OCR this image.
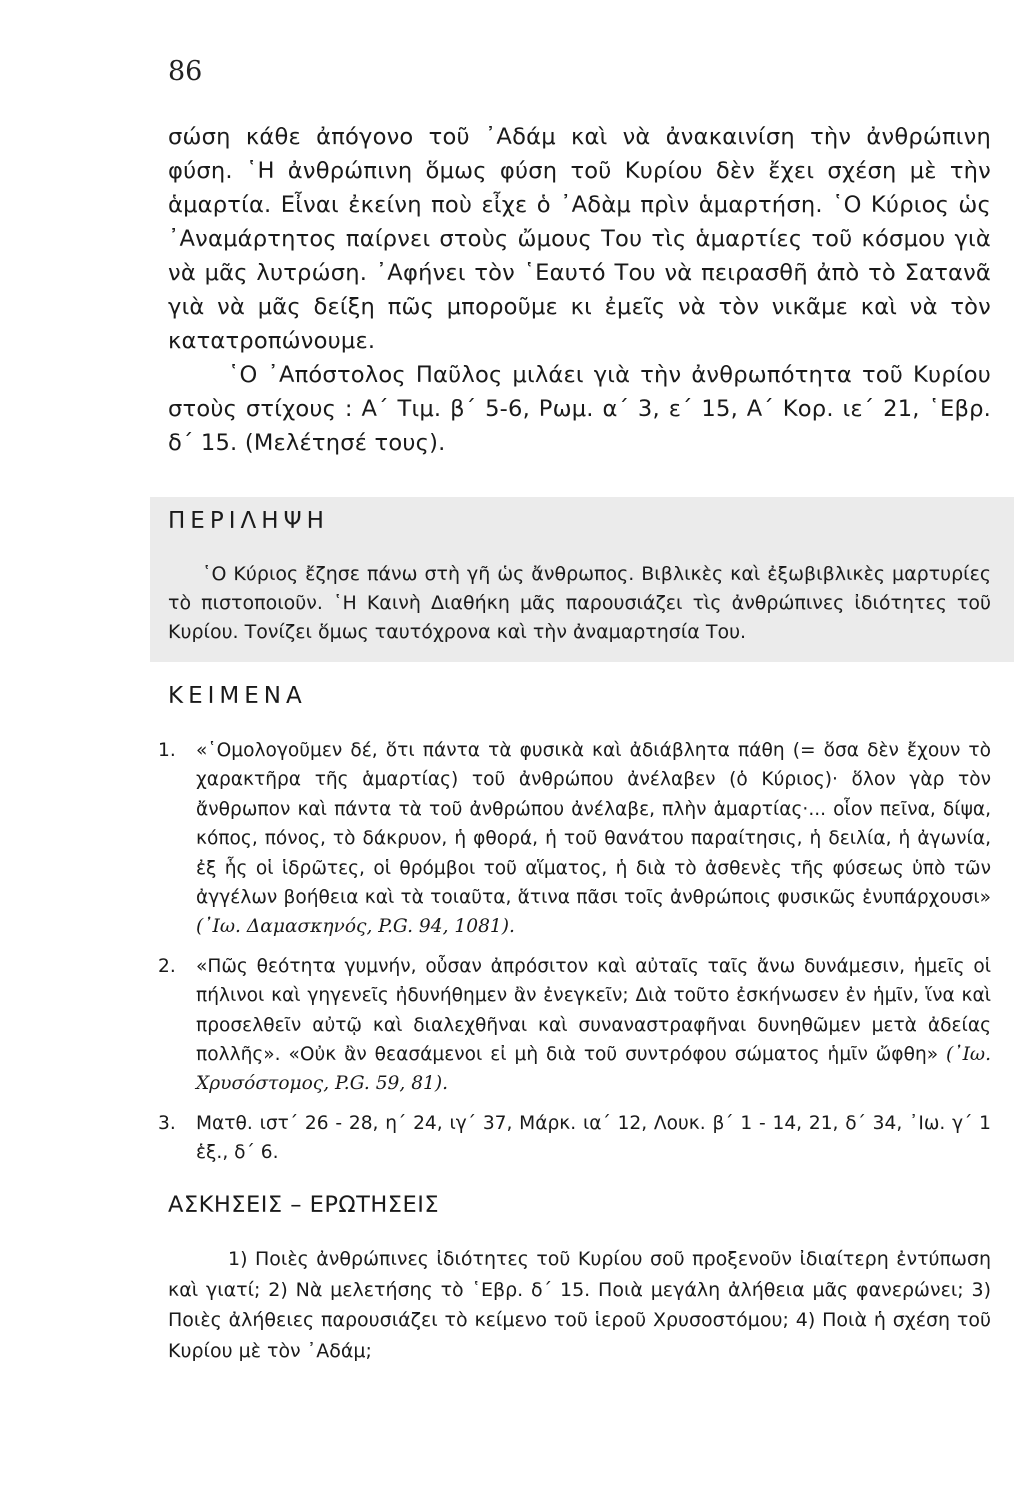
86

σώση κάθε ἀπόγονο τοῦ ᾿Αδάμ καὶ νὰ ἀνακαινίση τὴν ἀνθρώπινη φύση. ῾Η ἀνθρώπινη ὅμως φύση τοῦ Κυρίου δὲν ἔχει σχέση μὲ τὴν ἁμαρτία. Εἶναι ἐκείνη ποὺ εἶχε ὁ ᾿Αδὰμ πρὶν ἁμαρτήση. ῾Ο Κύριος ὡς ᾿Αναμάρτητος παίρνει στοὺς ὤμους Του τὶς ἁμαρτίες τοῦ κόσμου γιὰ νὰ μᾶς λυτρώση. ᾿Αφήνει τὸν ῾Εαυτό Του νὰ πειρασθῆ ἀπὸ τὸ Σατανᾶ γιὰ νὰ μᾶς δείξη πῶς μποροῦμε κι ἐμεῖς νὰ τὸν νικᾶμε καὶ νὰ τὸν κατατροπώνουμε.

῾Ο ᾿Απόστολος Παῦλος μιλάει γιὰ τὴν ἀνθρωπότητα τοῦ Κυρίου στοὺς στίχους : Α΄ Τιμ. β΄ 5-6, Ρωμ. α΄ 3, ε΄ 15, Α΄ Κορ. ιε΄ 21, ῾Εβρ. δ΄ 15. (Μελέτησέ τους).

ΠΕΡΙΛΗΨΗ

῾Ο Κύριος ἔζησε πάνω στὴ γῆ ὡς ἄνθρωπος. Βιβλικὲς καὶ ἐξωβιβλικὲς μαρτυρίες τὸ πιστοποιοῦν. ῾Η Καινὴ Διαθήκη μᾶς παρουσιάζει τὶς ἀνθρώπινες ἰδιότητες τοῦ Κυρίου. Τονίζει ὅμως ταυτόχρονα καὶ τὴν ἀναμαρτησία Του.

ΚΕΙΜΕΝΑ
1. «῾Ομολογοῦμεν δέ, ὅτι πάντα τὰ φυσικὰ καὶ ἀδιάβλητα πάθη (= ὅσα δὲν ἔχουν τὸ χαρακτῆρα τῆς ἁμαρτίας) τοῦ ἀνθρώπου ἀνέλαβεν (ὁ Κύριος)· ὅλον γὰρ τὸν ἄνθρωπον καὶ πάντα τὰ τοῦ ἀνθρώπου ἀνέλαβε, πλὴν ἁμαρτίας·... οἷον πεῖνα, δίψα, κόπος, πόνος, τὸ δάκρυον, ἡ φθορά, ἡ τοῦ θανάτου παραίτησις, ἡ δειλία, ἡ ἀγωνία, ἐξ ἧς οἱ ἱδρῶτες, οἱ θρόμβοι τοῦ αἵματος, ἡ διὰ τὸ ἀσθενὲς τῆς φύσεως ὑπὸ τῶν ἀγγέλων βοήθεια καὶ τὰ τοιαῦτα, ἅτινα πᾶσι τοῖς ἀνθρώποις φυσικῶς ἐνυπάρχουσι» (᾿Ιω. Δαμασκηνός, P.G. 94, 1081).
2. «Πῶς θεότητα γυμνήν, οὖσαν ἀπρόσιτον καὶ αὐταῖς ταῖς ἄνω δυνάμεσιν, ἡμεῖς οἱ πήλινοι καὶ γηγενεῖς ἠδυνήθημεν ἂν ἐνεγκεῖν; Διὰ τοῦτο ἐσκήνωσεν ἐν ἡμῖν, ἵνα καὶ προσελθεῖν αὐτῷ καὶ διαλεχθῆναι καὶ συναναστραφῆναι δυνηθῶμεν μετὰ ἀδείας πολλῆς». «Οὐκ ἂν θεασάμενοι εἰ μὴ διὰ τοῦ συντρόφου σώματος ἡμῖν ὤφθη» (᾿Ιω. Χρυσόστομος, P.G. 59, 81).
3. Ματθ. ιστ΄ 26 - 28, η΄ 24, ιγ΄ 37, Μάρκ. ια΄ 12, Λουκ. β΄ 1 - 14, 21, δ΄ 34, ᾿Ιω. γ΄ 1 ἑξ., δ΄ 6.
ΑΣΚΗΣΕΙΣ – ΕΡΩΤΗΣΕΙΣ

1) Ποιὲς ἀνθρώπινες ἰδιότητες τοῦ Κυρίου σοῦ προξενοῦν ἰδιαίτερη ἐντύπωση καὶ γιατί; 2) Νὰ μελετήσης τὸ ῾Εβρ. δ΄ 15. Ποιὰ μεγάλη ἀλήθεια μᾶς φανερώνει; 3) Ποιὲς ἀλήθειες παρουσιάζει τὸ κείμενο τοῦ ἱεροῦ Χρυσοστόμου; 4) Ποιὰ ἡ σχέση τοῦ Κυρίου μὲ τὸν ᾿Αδάμ;
